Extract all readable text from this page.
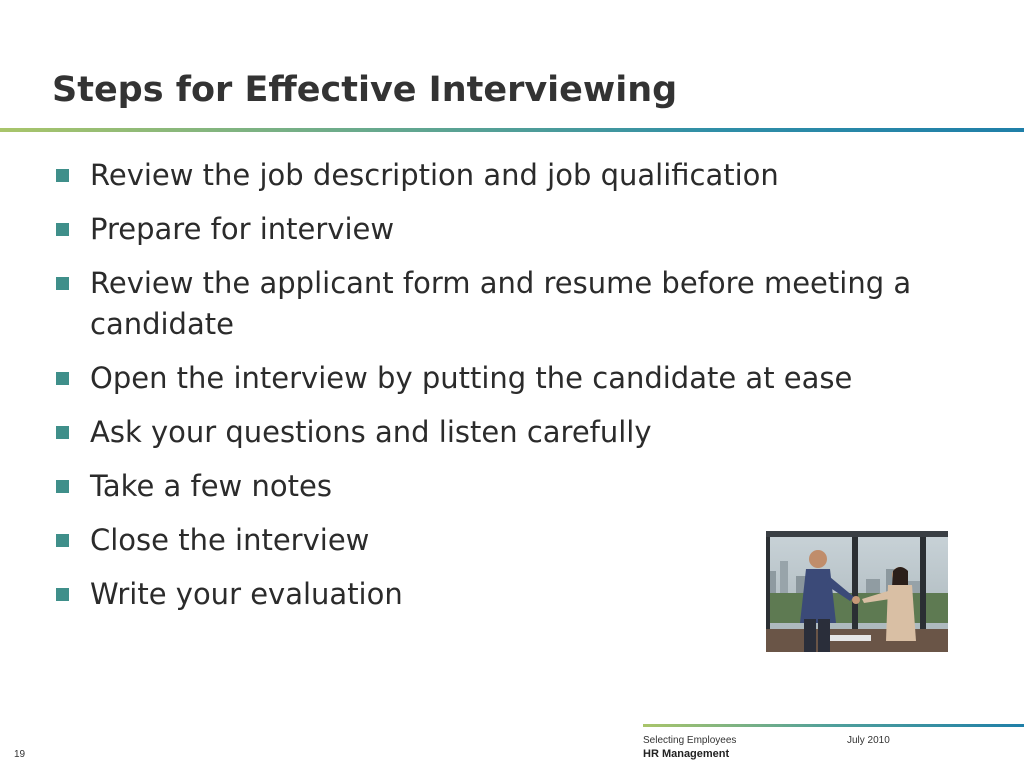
Steps for Effective Interviewing
Review the job description and job qualification
Prepare for interview
Review the applicant form and resume before meeting a candidate
Open the interview by putting the candidate at ease
Ask your questions and listen carefully
Take a few notes
Close the interview
Write your evaluation
Selecting Employees
HR Management
July 2010
19
